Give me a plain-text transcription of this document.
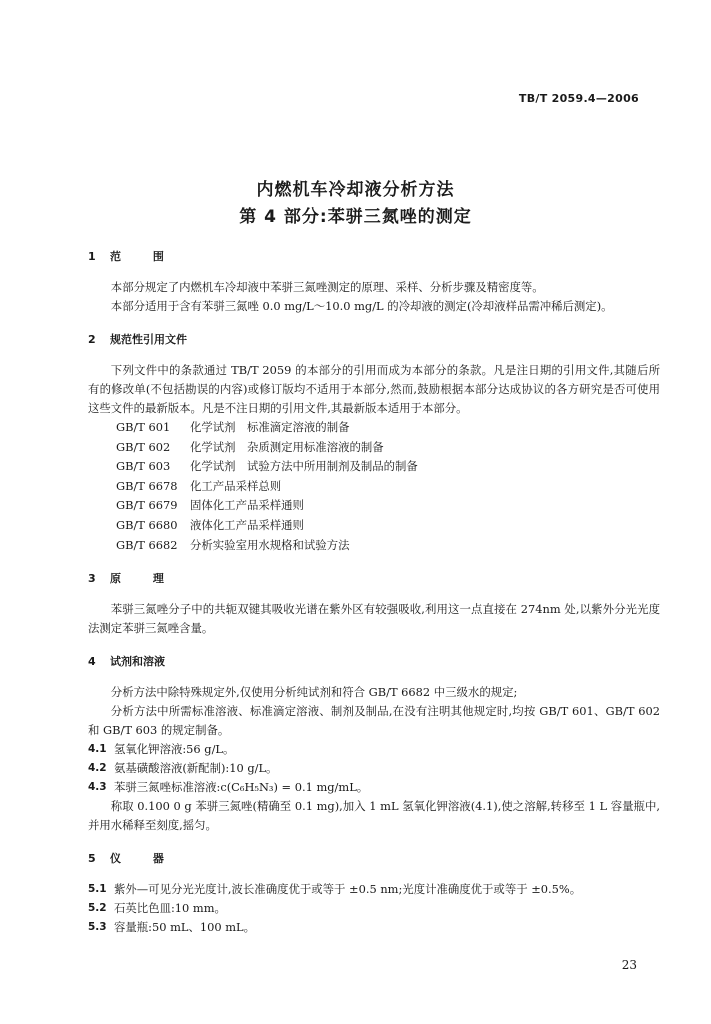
TB/T 2059.4—2006
内燃机车冷却液分析方法
第 4 部分:苯骈三氮唑的测定
1	范 围

本部分规定了内燃机车冷却液中苯骈三氮唑测定的原理、采样、分析步骤及精密度等。

本部分适用于含有苯骈三氮唑 0.0 mg/L～10.0 mg/L 的冷却液的测定(冷却液样品需冲稀后测定)。

2	规范性引用文件

下列文件中的条款通过 TB/T 2059 的本部分的引用而成为本部分的条款。凡是注日期的引用文件,其随后所有的修改单(不包括勘误的内容)或修订版均不适用于本部分,然而,鼓励根据本部分达成协议的各方研究是否可使用这些文件的最新版本。凡是不注日期的引用文件,其最新版本适用于本部分。

GB/T 601	化学试剂　标准滴定溶液的制备
GB/T 602	化学试剂　杂质测定用标准溶液的制备
GB/T 603	化学试剂　试验方法中所用制剂及制品的制备
GB/T 6678	化工产品采样总则
GB/T 6679	固体化工产品采样通则
GB/T 6680	液体化工产品采样通则
GB/T 6682	分析实验室用水规格和试验方法
3	原 理

苯骈三氮唑分子中的共轭双键其吸收光谱在紫外区有较强吸收,利用这一点直接在 274nm 处,以紫外分光光度法测定苯骈三氮唑含量。

4	试剂和溶液

分析方法中除特殊规定外,仅使用分析纯试剂和符合 GB/T 6682 中三级水的规定;

分析方法中所需标准溶液、标准滴定溶液、制剂及制品,在没有注明其他规定时,均按 GB/T 601、GB/T 602 和 GB/T 603 的规定制备。

4.1 氢氧化钾溶液:56 g/L。
4.2 氨基磺酸溶液(新配制):10 g/L。
4.3 苯骈三氮唑标准溶液:c(C₆H₅N₃) = 0.1 mg/mL。

称取 0.100 0 g 苯骈三氮唑(精确至 0.1 mg),加入 1 mL 氢氧化钾溶液(4.1),使之溶解,转移至 1 L 容量瓶中,并用水稀释至刻度,摇匀。

5	仪 器
5.1 紫外—可见分光光度计,波长准确度优于或等于 ±0.5 nm;光度计准确度优于或等于 ±0.5%。
5.2 石英比色皿:10 mm。
5.3 容量瓶:50 mL、100 mL。
23
